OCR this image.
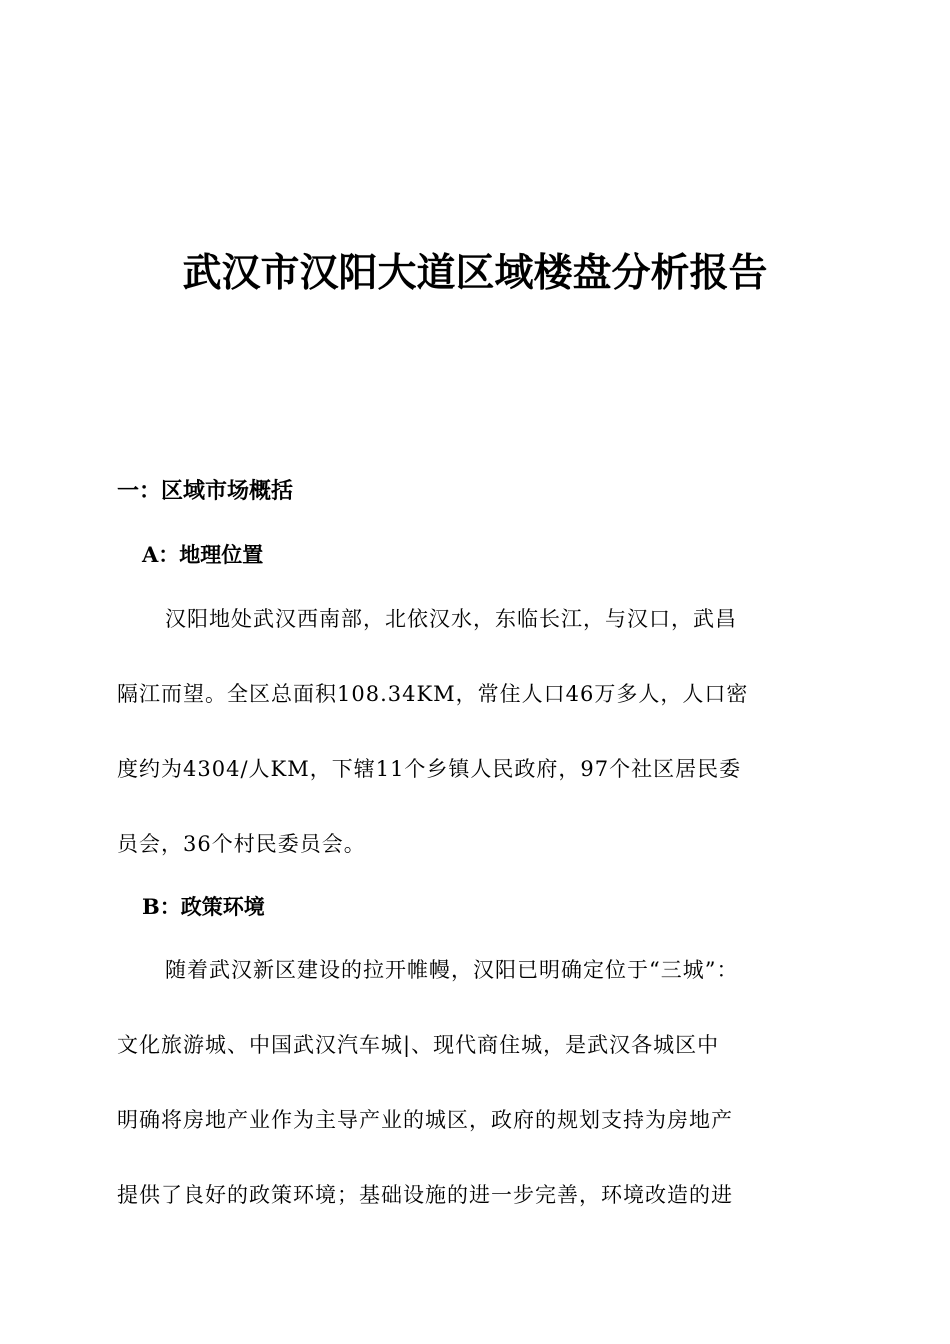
武汉市汉阳大道区域楼盘分析报告
一：区域市场概括
A：地理位置

汉阳地处武汉西南部，北依汉水，东临长江，与汉口，武昌
隔江而望。全区总面积108.34KM，常住人口46万多人，人口密
度约为4304/人KM，下辖11个乡镇人民政府，97个社区居民委
员会，36个村民委员会。

B：政策环境

随着武汉新区建设的拉开帷幔，汉阳已明确定位于“三城”：
文化旅游城、中国武汉汽车城|、现代商住城，是武汉各城区中
明确将房地产业作为主导产业的城区，政府的规划支持为房地产
提供了良好的政策环境；基础设施的进一步完善，环境改造的进
